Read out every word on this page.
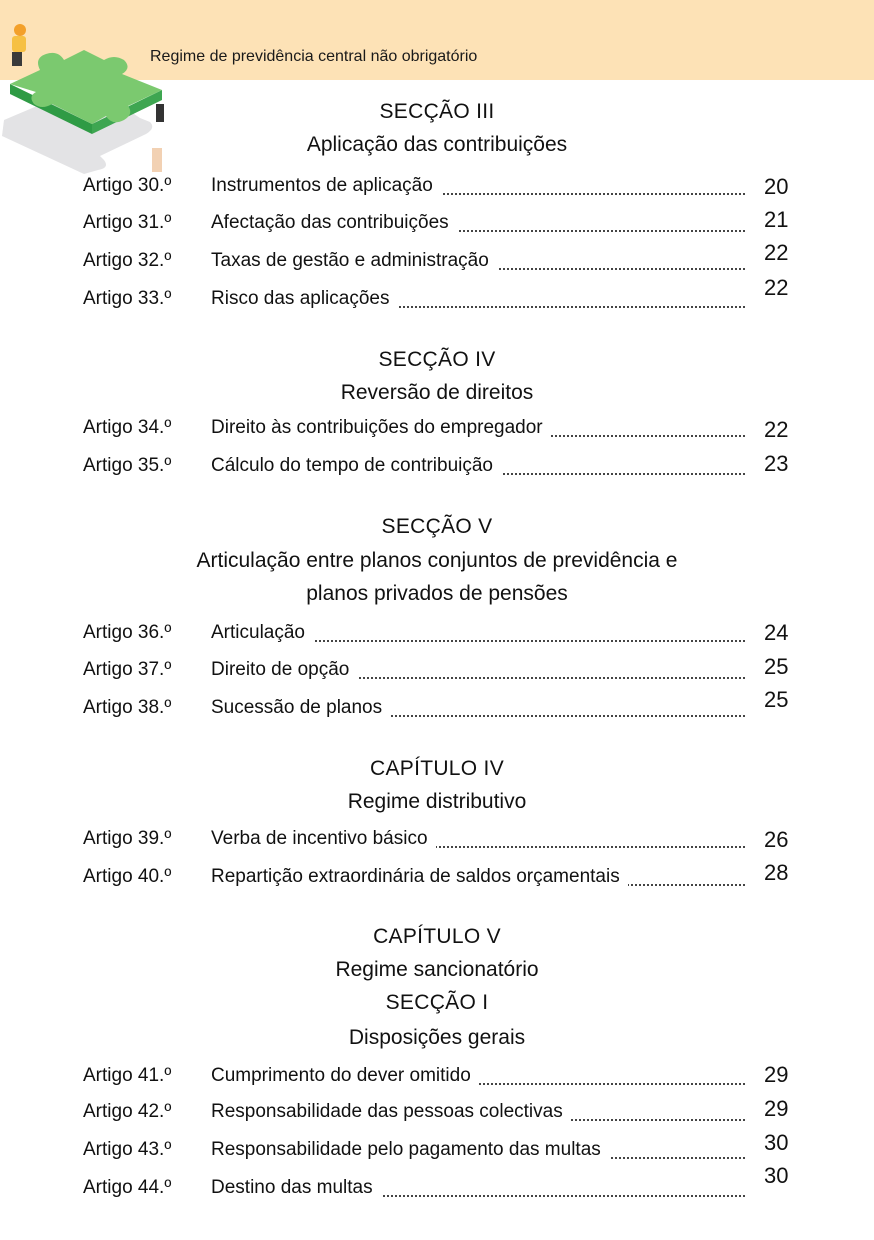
Regime de previdência central não obrigatório
SECÇÃO III
Aplicação das contribuições
Artigo 30.º Instrumentos de aplicação	20
Artigo 31.º Afectação das contribuições	21
Artigo 32.º Taxas de gestão e administração	22
Artigo 33.º Risco das aplicações	22
SECÇÃO IV
Reversão de direitos
Artigo 34.º Direito às contribuições do empregador	22
Artigo 35.º Cálculo do tempo de contribuição	23
SECÇÃO V
Articulação entre planos conjuntos de previdência e
planos privados de pensões
Artigo 36.º Articulação	24
Artigo 37.º Direito de opção	25
Artigo 38.º Sucessão de planos	25
CAPÍTULO IV
Regime distributivo
Artigo 39.º Verba de incentivo básico	26
Artigo 40.º Repartição extraordinária de saldos orçamentais	28
CAPÍTULO V
Regime sancionatório
SECÇÃO I
Disposições gerais
Artigo 41.º Cumprimento do dever omitido	29
Artigo 42.º Responsabilidade das pessoas colectivas	29
Artigo 43.º Responsabilidade pelo pagamento das multas	30
Artigo 44.º Destino das multas	30
